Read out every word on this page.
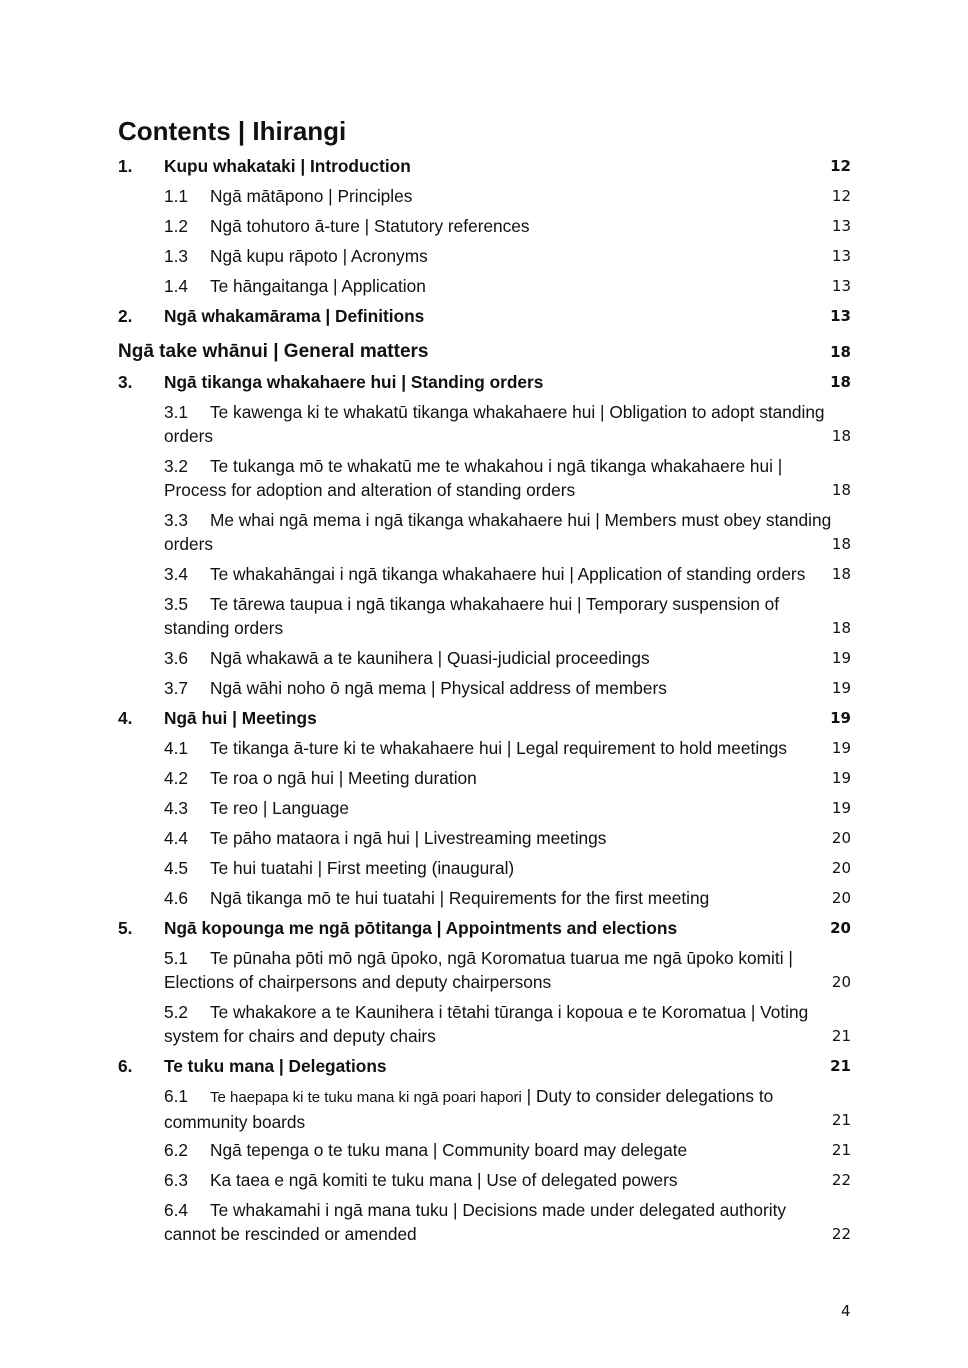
Contents | Ihirangi
1. Kupu whakataki | Introduction	12
1.1 Ngā mātāpono | Principles	12
1.2 Ngā tohutoro ā-ture | Statutory references	13
1.3 Ngā kupu rāpoto | Acronyms	13
1.4 Te hāngaitanga | Application	13
2. Ngā whakamārama | Definitions	13
Ngā take whānui | General matters	18
3. Ngā tikanga whakahaere hui | Standing orders	18
3.1	Te kawenga ki te whakatū tikanga whakahaere hui | Obligation to adopt standing orders	18
3.2	Te tukanga mō te whakatū me te whakahou i ngā tikanga whakahaere hui | Process for adoption and alteration of standing orders	18
3.3	Me whai ngā mema i ngā tikanga whakahaere hui | Members must obey standing orders	18
3.4 Te whakahāngai i ngā tikanga whakahaere hui | Application of standing orders 18
3.5	Te tārewa taupua i ngā tikanga whakahaere hui | Temporary suspension of standing orders	18
3.6 Ngā whakawā a te kaunihera | Quasi-judicial proceedings	19
3.7 Ngā wāhi noho ō ngā mema | Physical address of members	19
4. Ngā hui | Meetings	19
4.1 Te tikanga ā-ture ki te whakahaere hui | Legal requirement to hold meetings	19
4.2 Te roa o ngā hui | Meeting duration	19
4.3 Te reo | Language	19
4.4 Te pāho mataora i ngā hui | Livestreaming meetings	20
4.5 Te hui tuatahi | First meeting (inaugural)	20
4.6 Ngā tikanga mō te hui tuatahi | Requirements for the first meeting	20
5. Ngā kopounga me ngā pōtitanga | Appointments and elections	20
5.1	Te pūnaha pōti mō ngā ūpoko, ngā Koromatua tuarua me ngā ūpoko komiti | Elections of chairpersons and deputy chairpersons	20
5.2	Te whakakore a te Kaunihera i tētahi tūranga i kopoua e te Koromatua | Voting system for chairs and deputy chairs	21
6. Te tuku mana | Delegations	21
6.1	Te haepapa ki te tuku mana ki ngā poari hapori | Duty to consider delegations to community boards	21
6.2 Ngā tepenga o te tuku mana | Community board may delegate	21
6.3 Ka taea e ngā komiti te tuku mana | Use of delegated powers	22
6.4	Te whakamahi i ngā mana tuku | Decisions made under delegated authority cannot be rescinded or amended	22
4
